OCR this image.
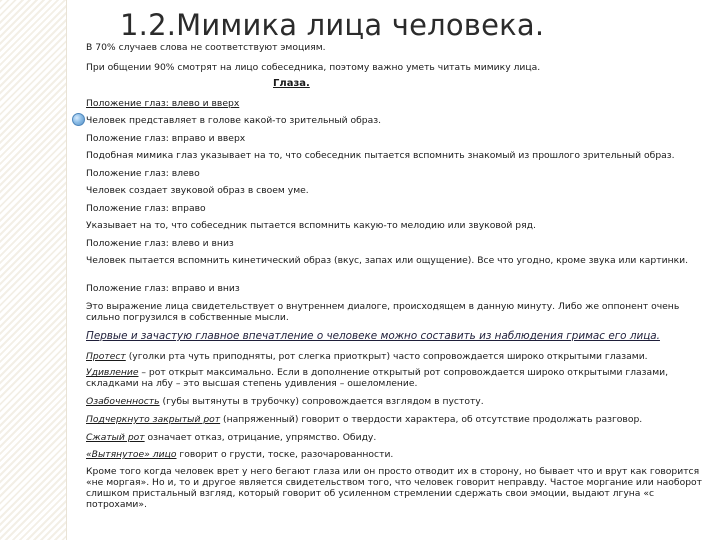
1.2.Мимика лица человека.
В 70% случаев слова не соответствуют эмоциям.
При общении 90% смотрят на лицо собеседника, поэтому важно уметь читать мимику лица.
Глаза.
Положение глаз: влево и вверх
Человек представляет в голове какой-то зрительный образ.
Положение глаз: вправо и вверх
Подобная мимика глаз указывает на то, что собеседник пытается вспомнить знакомый из прошлого зрительный образ.
Положение глаз: влево
Человек создает звуковой образ в своем уме.
Положение глаз: вправо
Указывает на то, что собеседник пытается вспомнить какую-то мелодию или звуковой ряд.
Положение глаз: влево и вниз
Человек пытается вспомнить кинетический образ (вкус, запах или ощущение). Все что угодно, кроме звука или картинки.
Положение глаз: вправо и вниз
Это выражение лица свидетельствует о внутреннем диалоге, происходящем в данную минуту. Либо же оппонент очень сильно погрузился в собственные мысли.
Первые и зачастую главное впечатление о человеке можно составить из наблюдения гримас его лица.
Протест (уголки рта чуть приподняты, рот слегка приоткрыт) часто сопровождается широко открытыми глазами.
Удивление – рот открыт максимально. Если в дополнение открытый рот сопровождается широко открытыми глазами, складками на лбу – это высшая степень удивления – ошеломление.
Озабоченность (губы вытянуты в трубочку) сопровождается взглядом в пустоту.
Подчеркнуто закрытый рот (напряженный) говорит о твердости характера, об отсутствие продолжать разговор.
Сжатый рот означает отказ, отрицание, упрямство. Обиду.
«Вытянутое» лицо говорит о грусти, тоске, разочарованности.
Кроме того когда человек врет у него бегают глаза или он просто отводит их в сторону, но бывает что и врут как говорится «не моргая». Но и, то и другое является свидетельством того, что человек говорит неправду. Частое моргание или наоборот слишком пристальный взгляд, который говорит об усиленном стремлении сдержать свои эмоции, выдают лгуна «с потрохами».
